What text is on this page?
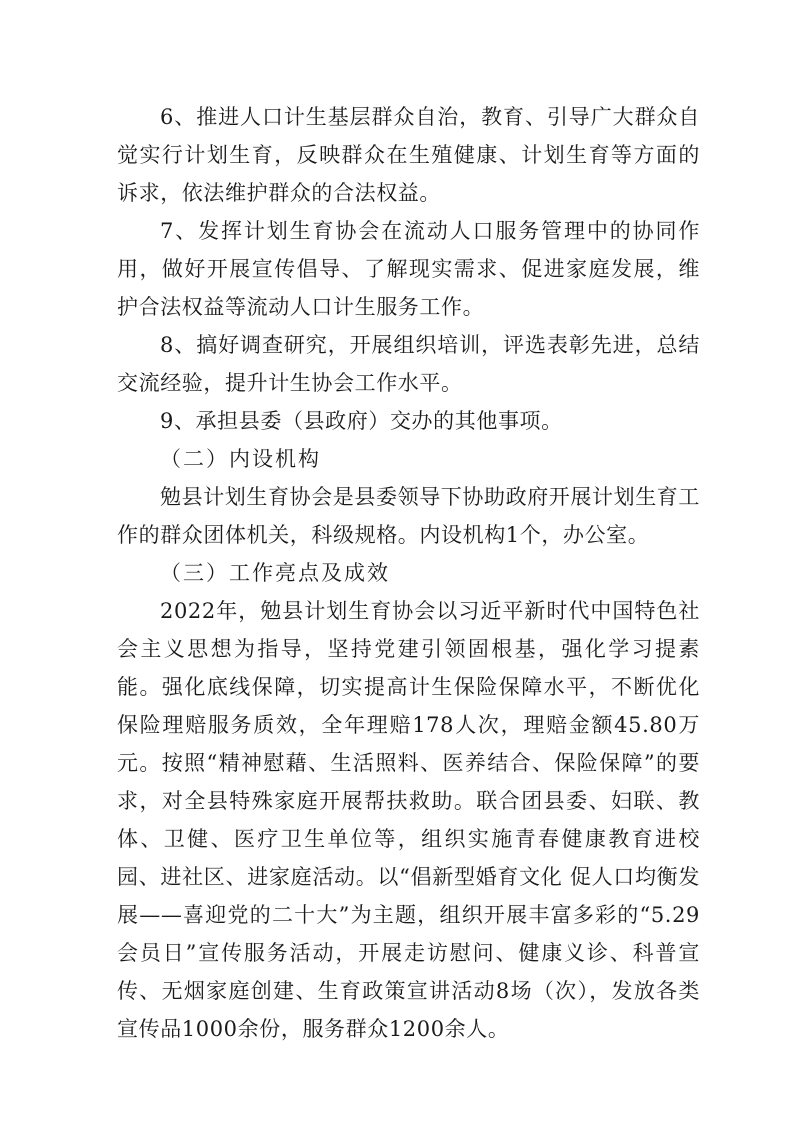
6、推进人口计生基层群众自治，教育、引导广大群众自觉实行计划生育，反映群众在生殖健康、计划生育等方面的诉求，依法维护群众的合法权益。

7、发挥计划生育协会在流动人口服务管理中的协同作用，做好开展宣传倡导、了解现实需求、促进家庭发展，维护合法权益等流动人口计生服务工作。

8、搞好调查研究，开展组织培训，评选表彰先进，总结交流经验，提升计生协会工作水平。

9、承担县委（县政府）交办的其他事项。

（二）内设机构

勉县计划生育协会是县委领导下协助政府开展计划生育工作的群众团体机关，科级规格。内设机构1个，办公室。

（三）工作亮点及成效

2022年，勉县计划生育协会以习近平新时代中国特色社会主义思想为指导，坚持党建引领固根基，强化学习提素能。强化底线保障，切实提高计生保险保障水平，不断优化保险理赔服务质效，全年理赔178人次，理赔金额45.80万元。按照“精神慰藉、生活照料、医养结合、保险保障”的要求，对全县特殊家庭开展帮扶救助。联合团县委、妇联、教体、卫健、医疗卫生单位等，组织实施青春健康教育进校园、进社区、进家庭活动。以“倡新型婚育文化 促人口均衡发展——喜迎党的二十大”为主题，组织开展丰富多彩的“5.29会员日”宣传服务活动，开展走访慰问、健康义诊、科普宣传、无烟家庭创建、生育政策宣讲活动8场（次），发放各类宣传品1000余份，服务群众1200余人。
